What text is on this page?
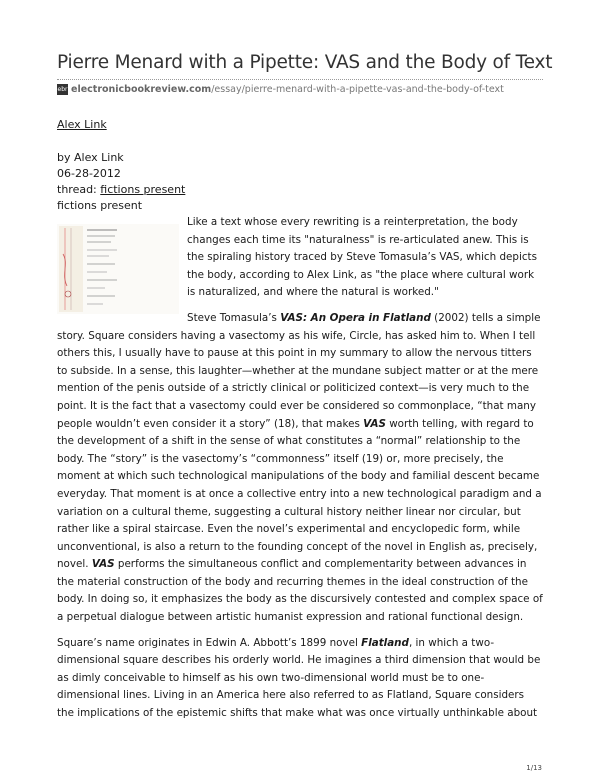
Pierre Menard with a Pipette: VAS and the Body of Text
ebr electronicbookreview.com /essay/pierre-menard-with-a-pipette-vas-and-the-body-of-text
Alex Link
by Alex Link
06-28-2012
thread: fictions present
fictions present

Like a text whose every rewriting is a reinterpretation, the body changes each time its "naturalness" is re-articulated anew. This is the spiraling history traced by Steve Tomasula’s VAS, which depicts the body, according to Alex Link, as "the place where cultural work is naturalized, and where the natural is worked."

Steve Tomasula’s VAS: An Opera in Flatland (2002) tells a simple story. Square considers having a vasectomy as his wife, Circle, has asked him to. When I tell others this, I usually have to pause at this point in my summary to allow the nervous titters to subside. In a sense, this laughter—whether at the mundane subject matter or at the mere mention of the penis outside of a strictly clinical or politicized context—is very much to the point. It is the fact that a vasectomy could ever be considered so commonplace, “that many people wouldn’t even consider it a story” (18), that makes VAS worth telling, with regard to the development of a shift in the sense of what constitutes a “normal” relationship to the body. The “story” is the vasectomy’s “commonness” itself (19) or, more precisely, the moment at which such technological manipulations of the body and familial descent became everyday. That moment is at once a collective entry into a new technological paradigm and a variation on a cultural theme, suggesting a cultural history neither linear nor circular, but rather like a spiral staircase. Even the novel’s experimental and encyclopedic form, while unconventional, is also a return to the founding concept of the novel in English as, precisely, novel. VAS performs the simultaneous conflict and complementarity between advances in the material construction of the body and recurring themes in the ideal construction of the body. In doing so, it emphasizes the body as the discursively contested and complex space of a perpetual dialogue between artistic humanist expression and rational functional design.

Square’s name originates in Edwin A. Abbott’s 1899 novel Flatland, in which a two-dimensional square describes his orderly world. He imagines a third dimension that would be as dimly conceivable to himself as his own two-dimensional world must be to one-dimensional lines. Living in an America here also referred to as Flatland, Square considers the implications of the epistemic shifts that make what was once virtually unthinkable about

1/13
